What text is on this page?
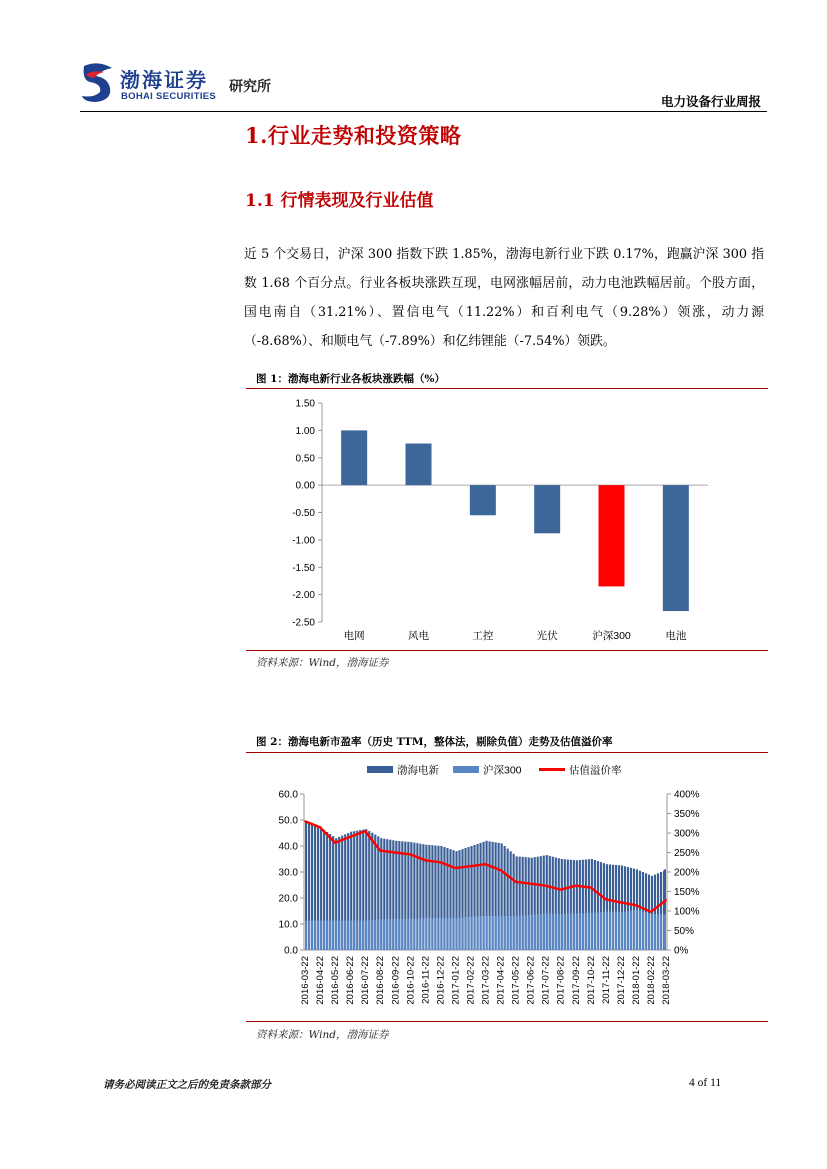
渤海证券
BOHAI SECURITIES
研究所
电力设备行业周报
1.行业走势和投资策略
1.1 行情表现及行业估值
近 5 个交易日，沪深 300 指数下跌 1.85%，渤海电新行业下跌 0.17%，跑赢沪深 300 指数 1.68 个百分点。行业各板块涨跌互现，电网涨幅居前，动力电池跌幅居前。个股方面，国电南自（31.21%）、置信电气（11.22%）和百利电气（9.28%）领涨，动力源（-8.68%）、和顺电气（-7.89%）和亿纬锂能（-7.54%）领跌。
图 1：渤海电新行业各板块涨跌幅（%）
1.50
1.00
0.50
0.00
-0.50
-1.00
-1.50
-2.00
-2.50
电网	风电	工控	光伏	沪深300	电池
资料来源：Wind，渤海证券
图 2：渤海电新市盈率（历史 TTM，整体法，剔除负值）走势及估值溢价率
渤海电新	沪深300	估值溢价率
60.0
50.0
40.0
30.0
20.0
10.0
0.0
400%
350%
300%
250%
200%
150%
100%
50%
0%
2016-03-22 2016-04-22 2016-05-22 2016-06-22 2016-07-22 2016-08-22 2016-09-22 2016-10-22 2016-11-22 2016-12-22 2017-01-22 2017-02-22 2017-03-22 2017-04-22 2017-05-22 2017-06-22 2017-07-22 2017-08-22 2017-09-22 2017-10-22 2017-11-22 2017-12-22 2018-01-22 2018-02-22 2018-03-22
资料来源：Wind，渤海证券
请务必阅读正文之后的免责条款部分	4 of 11
